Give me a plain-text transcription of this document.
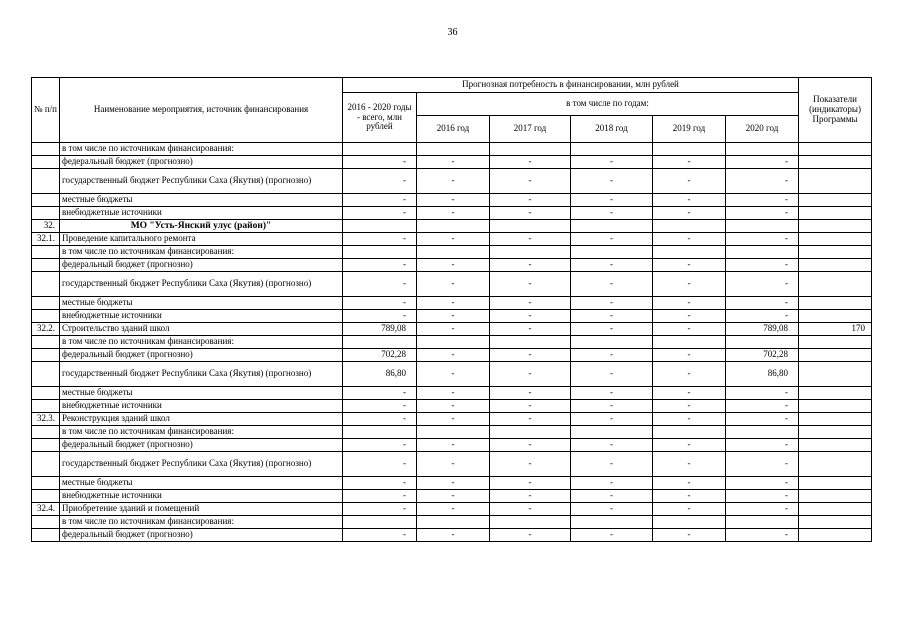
36
№ п/п	Наименование мероприятия, источник финансирования	Прогнозная потребность в финансировании, млн рублей						Показатели (индикаторы) Программы
		2016 - 2020 годы - всего, млн рублей	в том числе по годам:					
			2016 год	2017 год	2018 год	2019 год	2020 год	
	в том числе по источникам финансирования:							
	федеральный бюджет (прогнозно)	-	-	-	-	-	-	
	государственный бюджет Республики Саха (Якутия) (прогнозно)	-	-	-	-	-	-	
	местные бюджеты	-	-	-	-	-	-	
	внебюджетные источники	-	-	-	-	-	-	
32.	МО "Усть-Янский улус (район)"							
32.1.	Проведение капитального ремонта	-	-	-	-	-	-	
	в том числе по источникам финансирования:							
	федеральный бюджет (прогнозно)	-	-	-	-	-	-	
	государственный бюджет Республики Саха (Якутия) (прогнозно)	-	-	-	-	-	-	
	местные бюджеты	-	-	-	-	-	-	
	внебюджетные источники	-	-	-	-	-	-	
32.2.	Строительство зданий школ	789,08	-	-	-	-	789,08	170
	в том числе по источникам финансирования:							
	федеральный бюджет (прогнозно)	702,28	-	-	-	-	702,28	
	государственный бюджет Республики Саха (Якутия) (прогнозно)	86,80	-	-	-	-	86,80	
	местные бюджеты	-	-	-	-	-	-	
	внебюджетные источники	-	-	-	-	-	-	
32.3.	Реконструкция зданий школ	-	-	-	-	-	-	
	в том числе по источникам финансирования:							
	федеральный бюджет (прогнозно)	-	-	-	-	-	-	
	государственный бюджет Республики Саха (Якутия) (прогнозно)	-	-	-	-	-	-	
	местные бюджеты	-	-	-	-	-	-	
	внебюджетные источники	-	-	-	-	-	-	
32.4.	Приобретение зданий и помещений	-	-	-	-	-	-	
	в том числе по источникам финансирования:							
	федеральный бюджет (прогнозно)	-	-	-	-	-	-	
